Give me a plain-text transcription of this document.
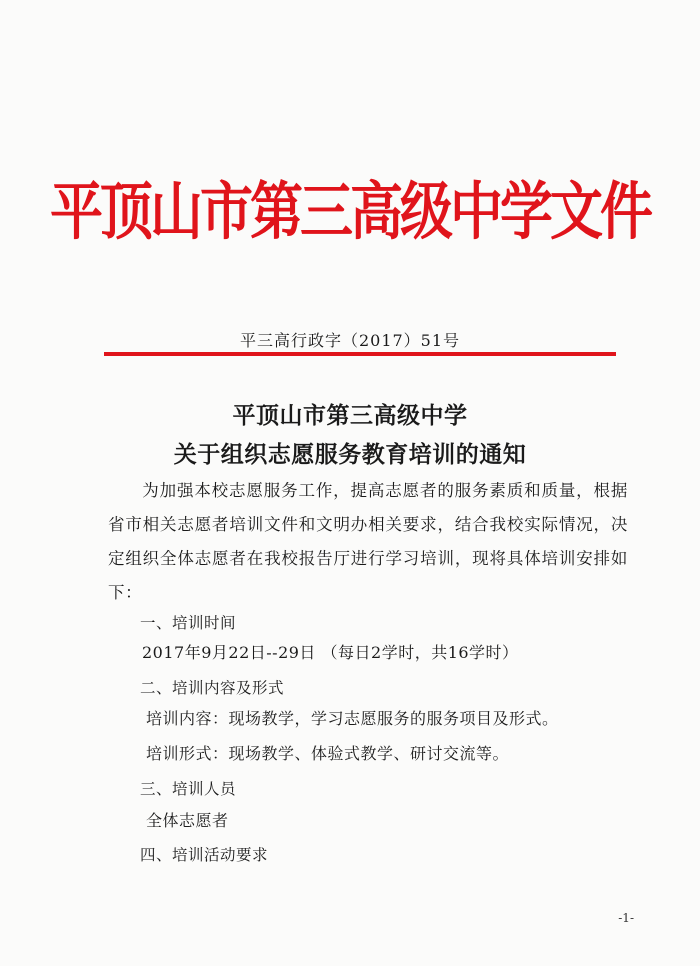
平顶山市第三高级中学文件
平三高行政字（2017）51号
平顶山市第三高级中学
关于组织志愿服务教育培训的通知
为加强本校志愿服务工作，提高志愿者的服务素质和质量，根据省市相关志愿者培训文件和文明办相关要求，结合我校实际情况，决定组织全体志愿者在我校报告厅进行学习培训，现将具体培训安排如下：
一、培训时间
2017年9月22日--29日 （每日2学时，共16学时）
二、培训内容及形式
培训内容：现场教学，学习志愿服务的服务项目及形式。
培训形式：现场教学、体验式教学、研讨交流等。
三、培训人员
全体志愿者
四、培训活动要求
-1-
